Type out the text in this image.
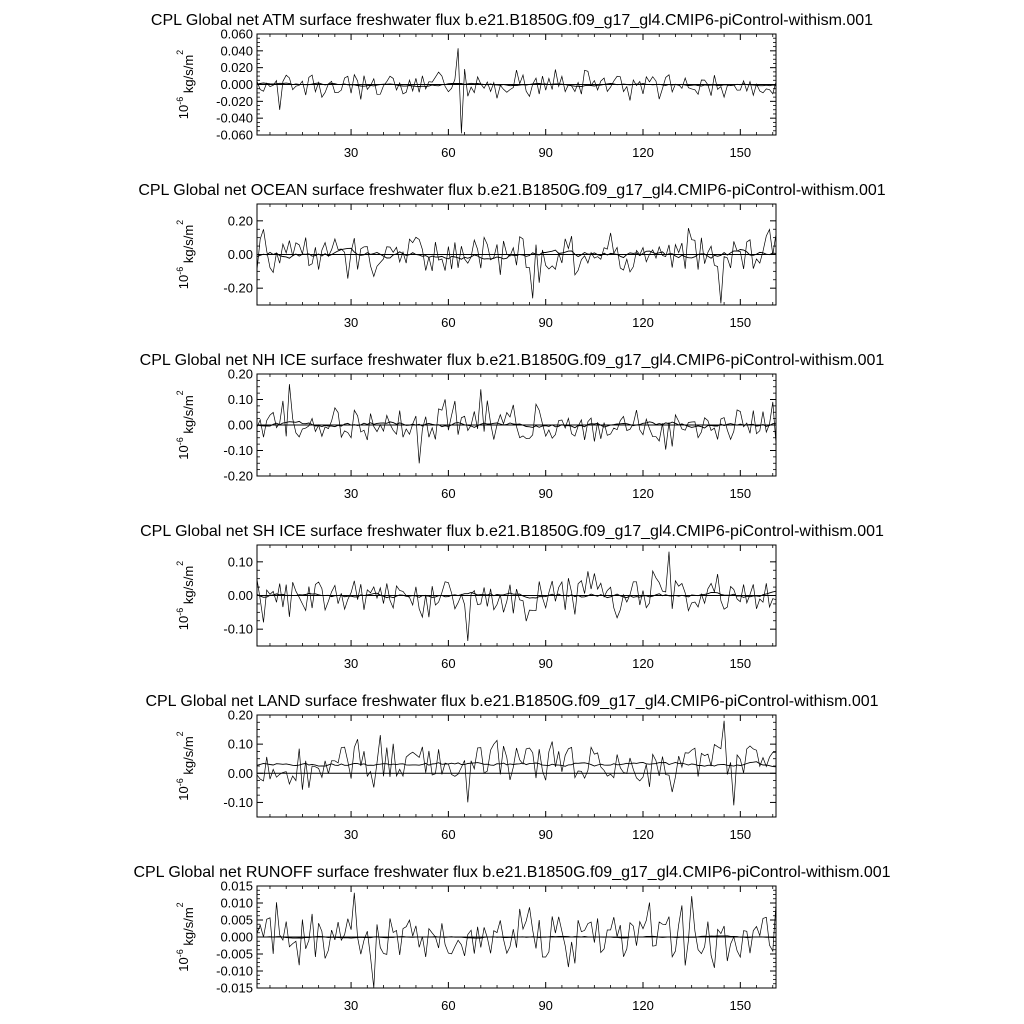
CPL Global net ATM surface freshwater flux b.e21.B1850G.f09_g17_gl4.CMIP6-piControl-withism.001
-0.060
-0.040
-0.020
0.000
0.020
0.040
0.060
30	60	90	120	150
$10^{-6}$ $kg/s/m^2$
CPL Global net OCEAN surface freshwater flux b.e21.B1850G.f09_g17_gl4.CMIP6-piControl-withism.001
-0.20
0.00
0.20
30	60	90	120	150
$10^{-6}$ $kg/s/m^2$
CPL Global net NH ICE surface freshwater flux b.e21.B1850G.f09_g17_gl4.CMIP6-piControl-withism.001
-0.20
-0.10
0.00
0.10
0.20
30	60	90	120	150
$10^{-6}$ $kg/s/m^2$
CPL Global net SH ICE surface freshwater flux b.e21.B1850G.f09_g17_gl4.CMIP6-piControl-withism.001
-0.10
0.00
0.10
30	60	90	120	150
$10^{-6}$ $kg/s/m^2$
CPL Global net LAND surface freshwater flux b.e21.B1850G.f09_g17_gl4.CMIP6-piControl-withism.001
-0.10
0.00
0.10
0.20
30	60	90	120	150
$10^{-6}$ $kg/s/m^2$
CPL Global net RUNOFF surface freshwater flux b.e21.B1850G.f09_g17_gl4.CMIP6-piControl-withism.001
-0.015
-0.010
-0.005
0.000
0.005
0.010
0.015
30	60	90	120	150
$10^{-6}$ $kg/s/m^2$
